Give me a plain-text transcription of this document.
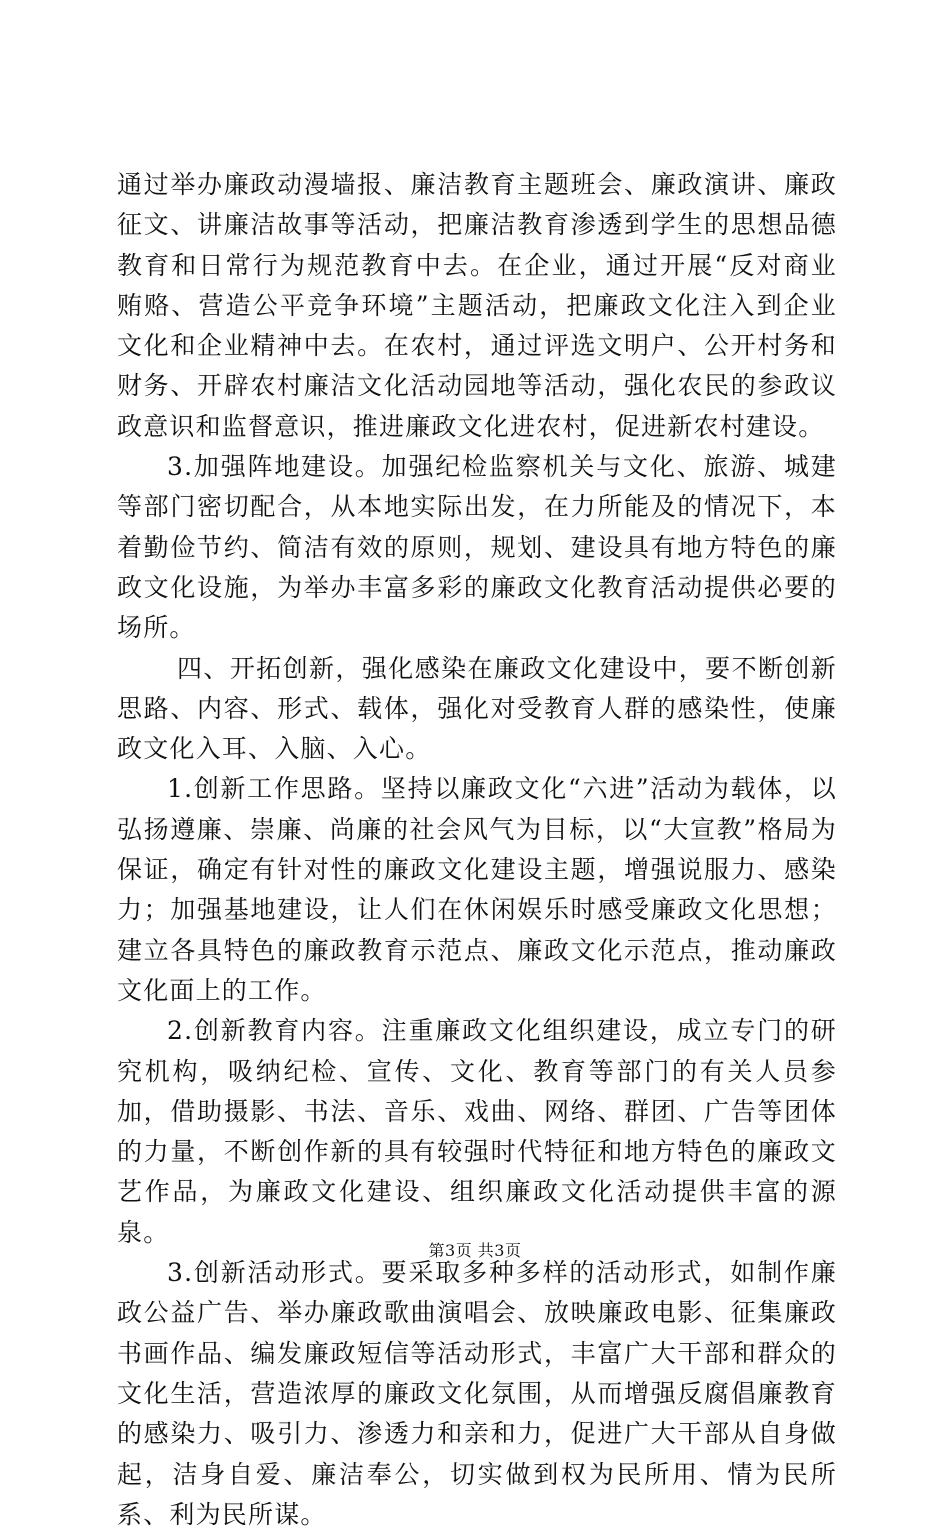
通过举办廉政动漫墙报、廉洁教育主题班会、廉政演讲、廉政征文、讲廉洁故事等活动，把廉洁教育渗透到学生的思想品德教育和日常行为规范教育中去。在企业，通过开展“反对商业贿赂、营造公平竞争环境”主题活动，把廉政文化注入到企业文化和企业精神中去。在农村，通过评选文明户、公开村务和财务、开辟农村廉洁文化活动园地等活动，强化农民的参政议政意识和监督意识，推进廉政文化进农村，促进新农村建设。

3.加强阵地建设。加强纪检监察机关与文化、旅游、城建等部门密切配合，从本地实际出发，在力所能及的情况下，本着勤俭节约、简洁有效的原则，规划、建设具有地方特色的廉政文化设施，为举办丰富多彩的廉政文化教育活动提供必要的场所。

四、开拓创新，强化感染在廉政文化建设中，要不断创新思路、内容、形式、载体，强化对受教育人群的感染性，使廉政文化入耳、入脑、入心。

1.创新工作思路。坚持以廉政文化“六进”活动为载体，以弘扬遵廉、崇廉、尚廉的社会风气为目标，以“大宣教”格局为保证，确定有针对性的廉政文化建设主题，增强说服力、感染力；加强基地建设，让人们在休闲娱乐时感受廉政文化思想；建立各具特色的廉政教育示范点、廉政文化示范点，推动廉政文化面上的工作。

2.创新教育内容。注重廉政文化组织建设，成立专门的研究机构，吸纳纪检、宣传、文化、教育等部门的有关人员参加，借助摄影、书法、音乐、戏曲、网络、群团、广告等团体的力量，不断创作新的具有较强时代特征和地方特色的廉政文艺作品，为廉政文化建设、组织廉政文化活动提供丰富的源泉。

3.创新活动形式。要采取多种多样的活动形式，如制作廉政公益广告、举办廉政歌曲演唱会、放映廉政电影、征集廉政书画作品、编发廉政短信等活动形式，丰富广大干部和群众的文化生活，营造浓厚的廉政文化氛围，从而增强反腐倡廉教育的感染力、吸引力、渗透力和亲和力，促进广大干部从自身做起，洁身自爱、廉洁奉公，切实做到权为民所用、情为民所系、利为民所谋。

第3页 共3页
